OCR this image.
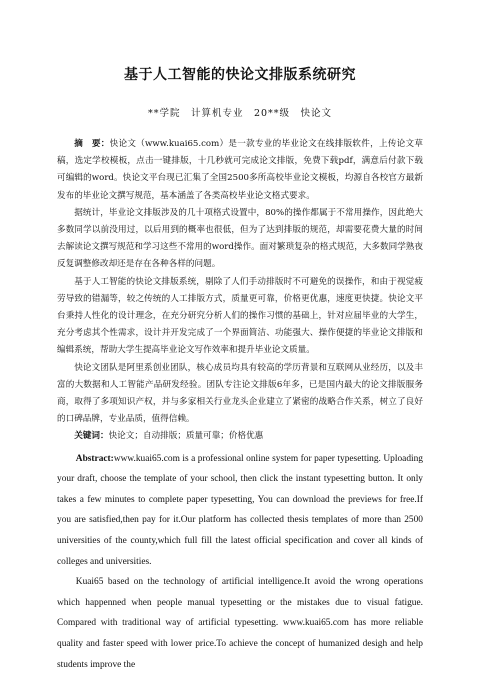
基于人工智能的快论文排版系统研究
**学院　计算机专业　20**级　快论文

摘　要：快论文（www.kuai65.com）是一款专业的毕业论文在线排版软件，上传论文草稿，选定学校模板，点击一键排版，十几秒就可完成论文排版，免费下载pdf，满意后付款下载可编辑的word。快论文平台现已汇集了全国2500多所高校毕业论文模板，均源自各校官方最新发布的毕业论文撰写规范，基本涵盖了各类高校毕业论文格式要求。

据统计，毕业论文排版涉及的几十项格式设置中，80%的操作都属于不常用操作，因此绝大多数同学以前没用过，以后用到的概率也很低，但为了达到排版的规范，却需要花费大量的时间去解读论文撰写规范和学习这些不常用的word操作。面对繁琐复杂的格式规范，大多数同学熟夜反复调整修改却还是存在各种各样的问题。

基于人工智能的快论文排版系统，剔除了人们手动排版时不可避免的误操作，和由于视觉疲劳导致的错漏等，较之传统的人工排版方式，质量更可靠，价格更优惠，速度更快捷。快论文平台秉持人性化的设计理念，在充分研究分析人们的操作习惯的基础上，针对应届毕业的大学生，充分考虑其个性需求，设计并开发完成了一个界面简洁、功能强大、操作便捷的毕业论文排版和编辑系统，帮助大学生提高毕业论文写作效率和提升毕业论文质量。

快论文团队是阿里系创业团队，核心成员均具有较高的学历背景和互联网从业经历，以及丰富的大数据和人工智能产品研发经验。团队专注论文排版6年多，已是国内最大的论文排版服务商，取得了多项知识产权，并与多家相关行业龙头企业建立了紧密的战略合作关系，树立了良好的口碑品牌，专业品质，值得信赖。

关键词：快论文；自动排版；质量可靠；价格优惠

Abstract:www.kuai65.com is a professional online system for paper typesetting. Uploading your draft, choose the template of your school, then click the instant typesetting button. It only takes a few minutes to complete paper typesetting, You can download the previews for free.If you are satisfied,then pay for it.Our platform has collected thesis templates of more than 2500 universities of the county,which full fill the latest official specification and cover all kinds of colleges and universities.

Kuai65 based on the technology of artificial intelligence.It avoid the wrong operations which happenned when people manual typesetting or the mistakes due to visual fatigue. Compared with traditional way of artificial typesetting. www.kuai65.com has more reliable quality and faster speed with lower price.To achieve the concept of humanized desigh and help students improve the
